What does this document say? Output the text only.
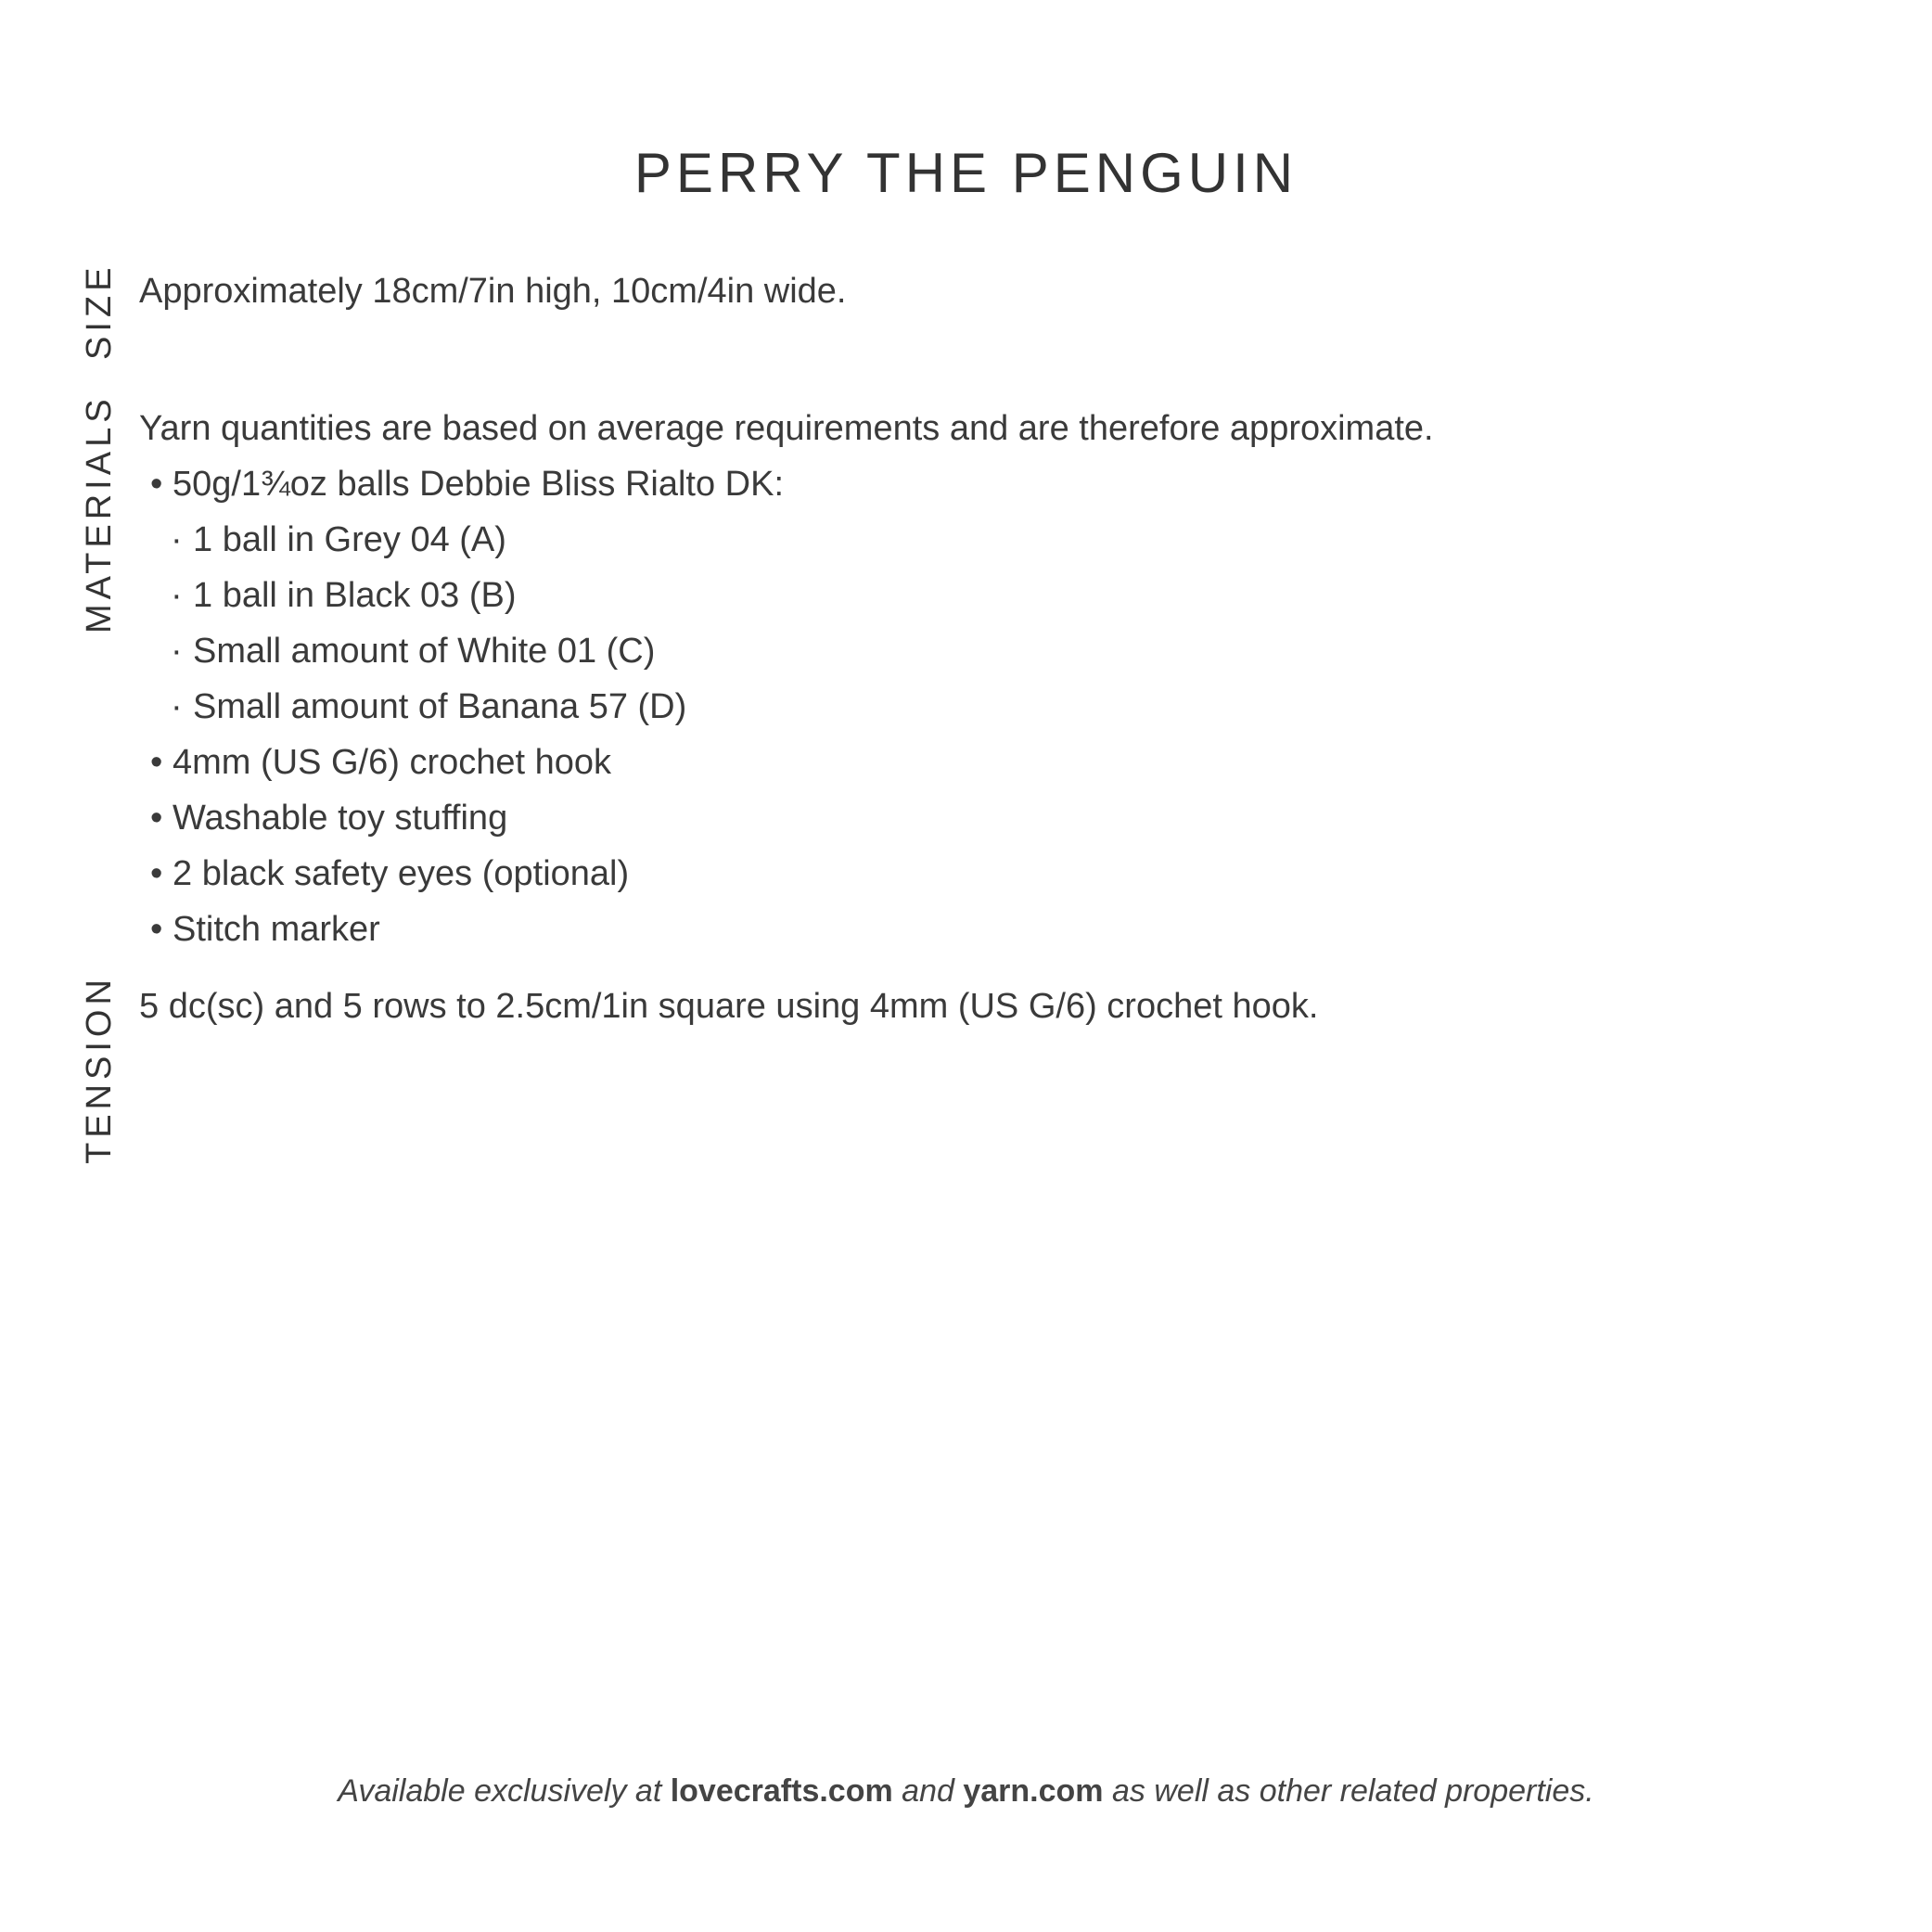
PERRY THE PENGUIN
SIZE Approximately 18cm/7in high, 10cm/4in wide.

MATERIALS Yarn quantities are based on average requirements and are therefore approximate.

• 50g/1¾oz balls Debbie Bliss Rialto DK:

· 1 ball in Grey 04 (A)

· 1 ball in Black 03 (B)

· Small amount of White 01 (C)

· Small amount of Banana 57 (D)

• 4mm (US G/6) crochet hook

• Washable toy stuffing

• 2 black safety eyes (optional)

• Stitch marker

TENSION 5 dc(sc) and 5 rows to 2.5cm/1in square using 4mm (US G/6) crochet hook.

Available exclusively at lovecrafts.com and yarn.com as well as other related properties.
